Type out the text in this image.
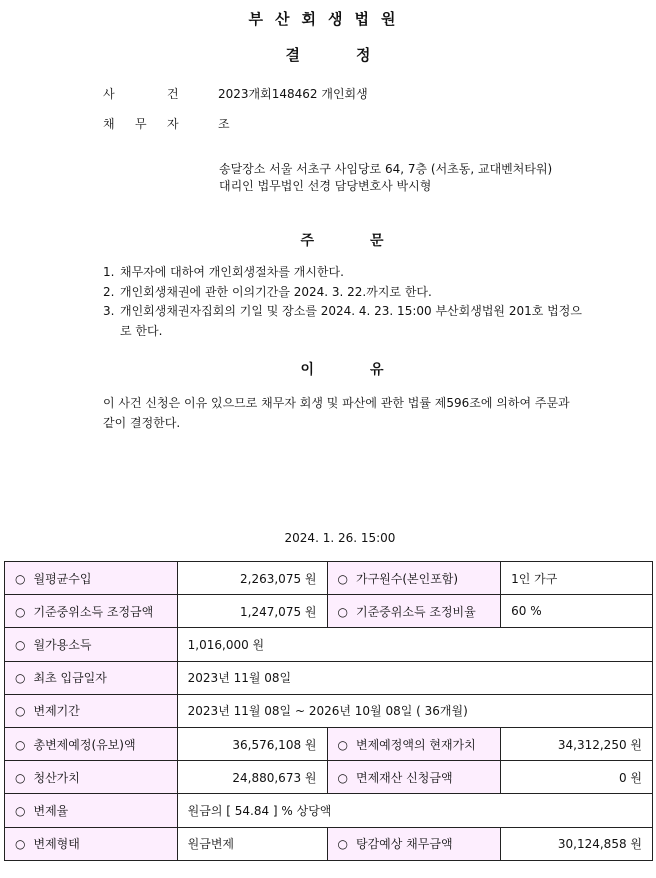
부산회생법원
결	정
사	건	2023개회148462 개인회생
채 무 자	조
송달장소 서울 서초구 사임당로 64, 7층 (서초동, 교대벤처타워)
대리인 법무법인 선경 담당변호사 박시형
주	문
1. 채무자에 대하여 개인회생절차를 개시한다.
2. 개인회생채권에 관한 이의기간을 2024. 3. 22.까지로 한다.
3. 개인회생채권자집회의 기일 및 장소를 2024. 4. 23. 15:00 부산회생법원 201호 법정으로 한다.
이	유
이 사건 신청은 이유 있으므로 채무자 회생 및 파산에 관한 법률 제596조에 의하여 주문과 같이 결정한다.
2024. 1. 26. 15:00
○ 월평균수입	2,263,075 원	○ 가구원수(본인포함)	1인 가구
○ 기준중위소득 조정금액	1,247,075 원	○ 기준중위소득 조정비율	60 %
○ 월가용소득	1,016,000 원		
○ 최초 입금일자	2023년 11월 08일		
○ 변제기간	2023년 11월 08일 ~ 2026년 10월 08일 ( 36개월)		
○ 총변제예정(유보)액	36,576,108 원	○ 변제예정액의 현재가치	34,312,250 원
○ 청산가치	24,880,673 원	○ 면제재산 신청금액	0 원
○ 변제율	원금의 [ 54.84 ] % 상당액		
○ 변제형태	원금변제	○ 탕감예상 채무금액	30,124,858 원
